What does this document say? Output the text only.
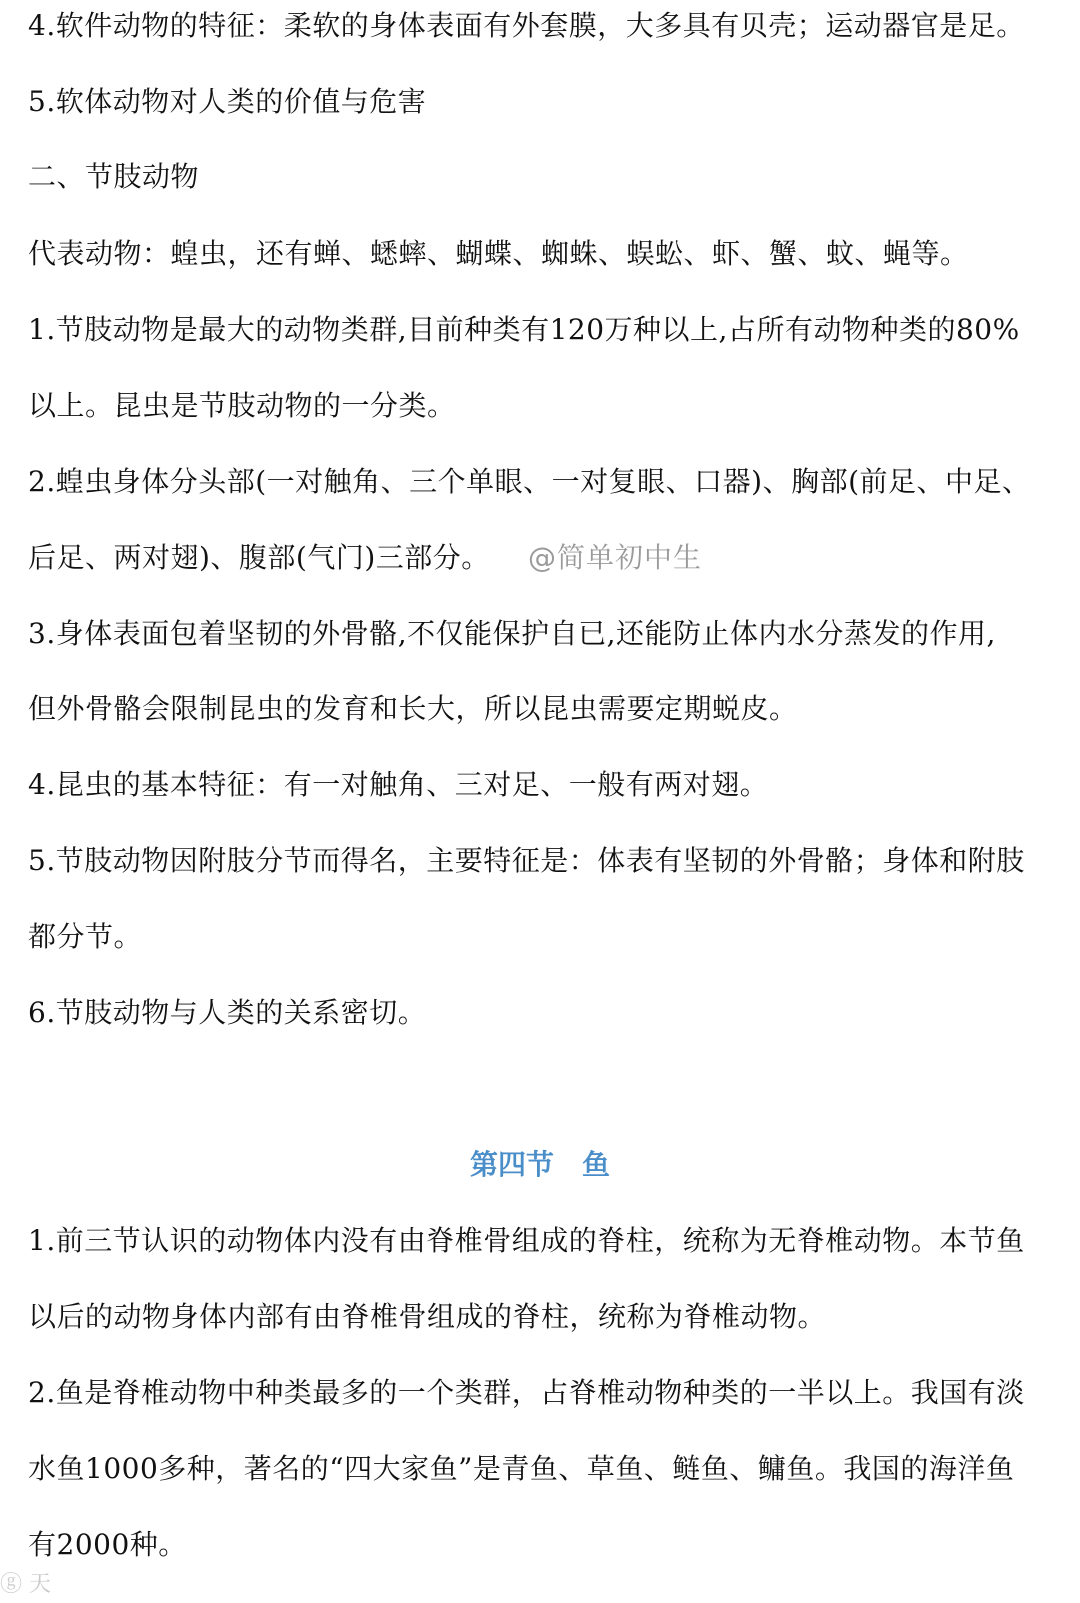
4.软件动物的特征：柔软的身体表面有外套膜，大多具有贝壳；运动器官是足。
5.软体动物对人类的价值与危害
二、节肢动物
代表动物：蝗虫，还有蝉、蟋蟀、蝴蝶、蜘蛛、蜈蚣、虾、蟹、蚊、蝇等。
1.节肢动物是最大的动物类群,目前种类有120万种以上,占所有动物种类的80%
以上。昆虫是节肢动物的一分类。
2.蝗虫身体分头部(一对触角、三个单眼、一对复眼、口器)、胸部(前足、中足、
后足、两对翅)、腹部(气门)三部分。
3.身体表面包着坚韧的外骨骼,不仅能保护自已,还能防止体内水分蒸发的作用,
但外骨骼会限制昆虫的发育和长大，所以昆虫需要定期蜕皮。
4.昆虫的基本特征：有一对触角、三对足、一般有两对翅。
5.节肢动物因附肢分节而得名，主要特征是：体表有坚韧的外骨骼；身体和附肢
都分节。
6.节肢动物与人类的关系密切。
@简单初中生
第四节　鱼
1.前三节认识的动物体内没有由脊椎骨组成的脊柱，统称为无脊椎动物。本节鱼
以后的动物身体内部有由脊椎骨组成的脊柱，统称为脊椎动物。
2.鱼是脊椎动物中种类最多的一个类群，占脊椎动物种类的一半以上。我国有淡
水鱼1000多种，著名的“四大家鱼”是青鱼、草鱼、鲢鱼、鳙鱼。我国的海洋鱼
有2000种。
ⓖ 天
